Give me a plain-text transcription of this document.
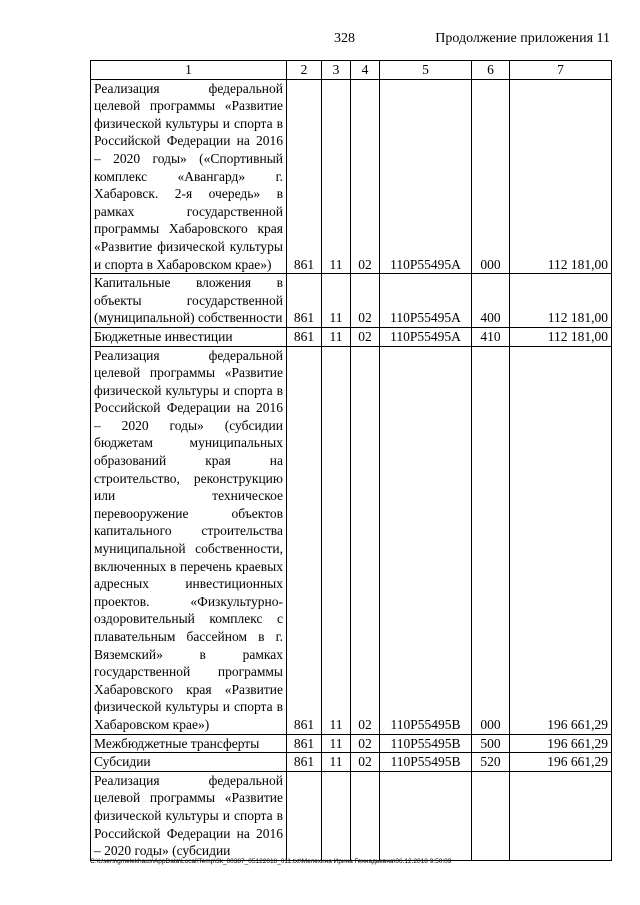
328	Продолжение приложения 11
1	2	3	4	5	6	7
Реализация федеральной целевой программы «Развитие физической культуры и спорта в Российской Федерации на 2016 – 2020 годы» («Спортивный комплекс «Авангард» г. Хабаровск. 2-я очередь» в рамках государственной программы Хабаровского края «Развитие физической культуры и спорта в Хабаровском крае»)	861	11	02	110P55495A	000	112 181,00
Капитальные вложения в объекты государственной (муниципальной) собственности	861	11	02	110P55495A	400	112 181,00
Бюджетные инвестиции	861	11	02	110P55495A	410	112 181,00
Реализация федеральной целевой программы «Развитие физической культуры и спорта в Российской Федерации на 2016 – 2020 годы» (субсидии бюджетам муниципальных образований края на строительство, реконструкцию или техническое перевооружение объектов капитального строительства муниципальной собственности, включенных в перечень краевых адресных инвестиционных проектов. «Физкультурно-оздоровительный комплекс с плавательным бассейном в г. Вяземский» в рамках государственной программы Хабаровского края «Развитие физической культуры и спорта в Хабаровском крае»)	861	11	02	110P55495B	000	196 661,29
Межбюджетные трансферты	861	11	02	110P55495B	500	196 661,29
Субсидии	861	11	02	110P55495B	520	196 661,29
Реализация федеральной целевой программы «Развитие физической культуры и спорта в Российской Федерации на 2016 – 2020 годы» (субсидии						
C:\Users\gmelekhaus\AppData\Local\Temp\3k_00387_05122018_011.txt\Мелехина Ирина Геннадьевна\06.12.2018 9:50:09
